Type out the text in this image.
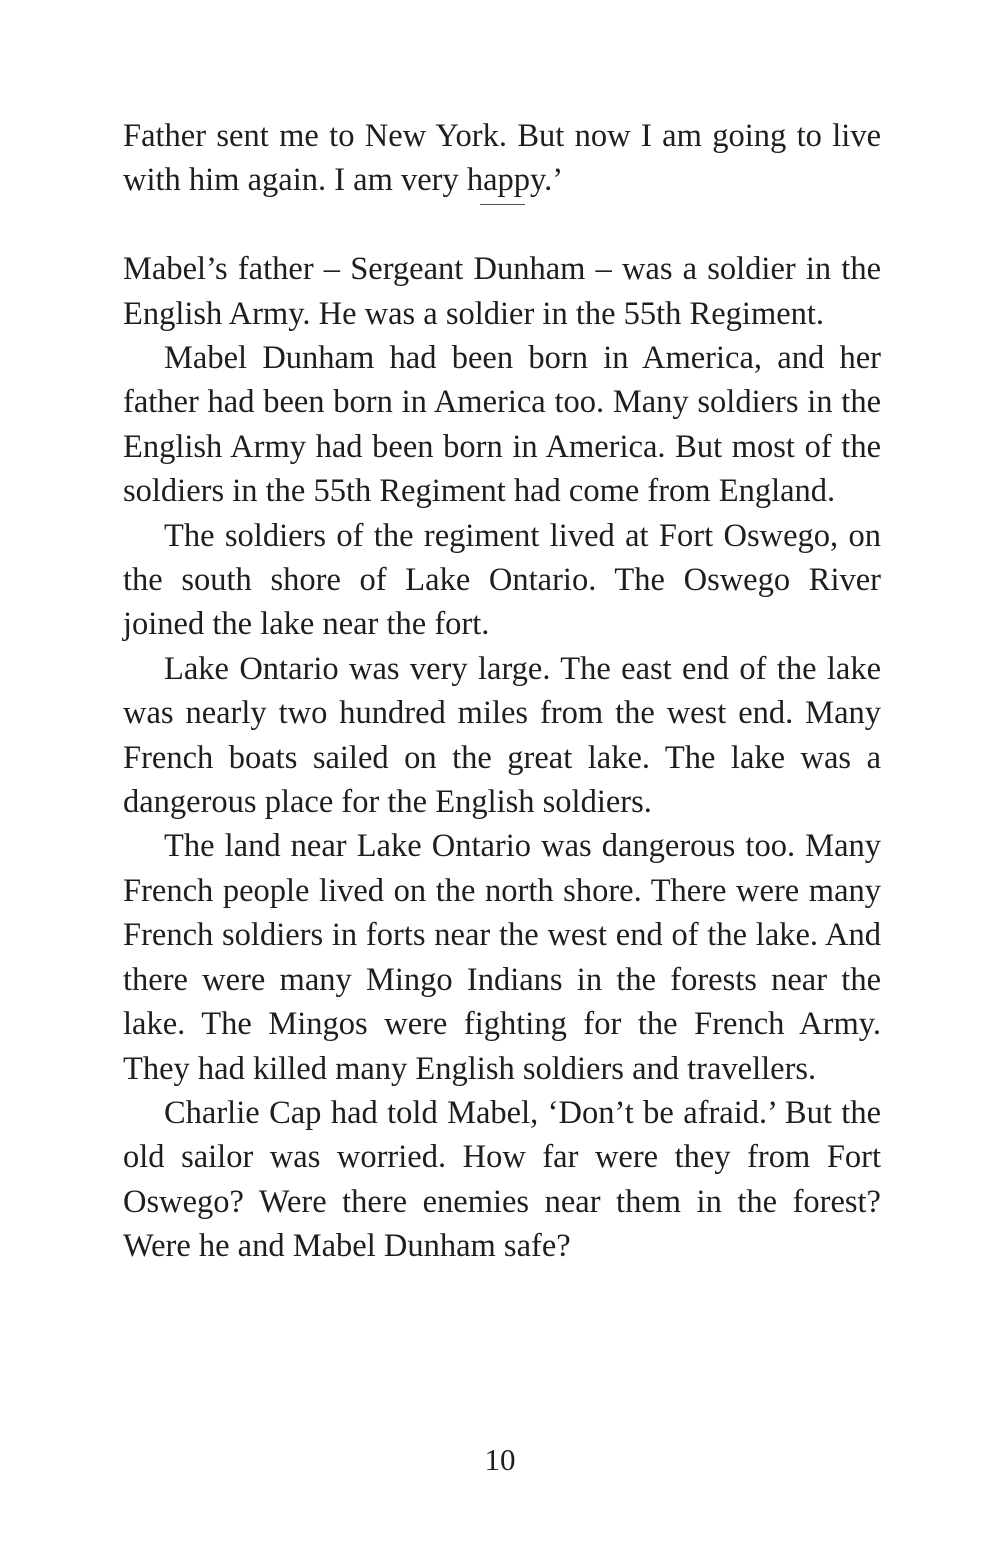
Father sent me to New York. But now I am going to live with him again. I am very happy.’

Mabel’s father – Sergeant Dunham – was a soldier in the English Army. He was a soldier in the 55th Regiment.

Mabel Dunham had been born in America, and her father had been born in America too. Many soldiers in the English Army had been born in America. But most of the soldiers in the 55th Regiment had come from England.

The soldiers of the regiment lived at Fort Oswego, on the south shore of Lake Ontario. The Oswego River joined the lake near the fort.

Lake Ontario was very large. The east end of the lake was nearly two hundred miles from the west end. Many French boats sailed on the great lake. The lake was a dangerous place for the English soldiers.

The land near Lake Ontario was dangerous too. Many French people lived on the north shore. There were many French soldiers in forts near the west end of the lake. And there were many Mingo Indians in the forests near the lake. The Mingos were fighting for the French Army. They had killed many English soldiers and travellers.

Charlie Cap had told Mabel, ‘Don’t be afraid.’ But the old sailor was worried. How far were they from Fort Oswego? Were there enemies near them in the forest? Were he and Mabel Dunham safe?

10
